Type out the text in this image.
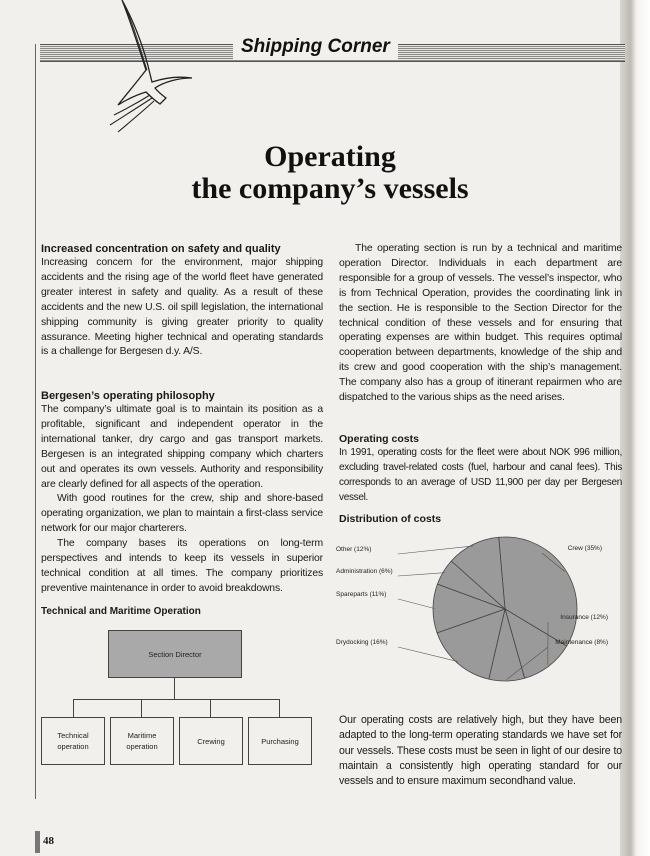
Shipping Corner
Operating
the company’s vessels
Increased concentration on safety and quality
Increasing concern for the environment, major shipping accidents and the rising age of the world fleet have generated greater interest in safety and quality. As a result of these accidents and the new U.S. oil spill legislation, the international shipping community is giving greater priority to quality assurance. Meeting higher technical and operating standards is a challenge for Bergesen d.y. A/S.
Bergesen’s operating philosophy

The company’s ultimate goal is to maintain its position as a profitable, significant and independent operator in the international tanker, dry cargo and gas transport markets. Bergesen is an integrated shipping company which charters out and operates its own vessels. Authority and responsibility are clearly defined for all aspects of the operation.

With good routines for the crew, ship and shore-based operating organization, we plan to maintain a first-class service network for our major charterers.

The company bases its operations on long-term perspectives and intends to keep its vessels in superior technical condition at all times. The company prioritizes preventive maintenance in order to avoid breakdowns.

Technical and Maritime Operation
Section Director
Technical operation
Maritime operation
Crewing	Purchasing
The operating section is run by a technical and maritime operation Director. Individuals in each department are responsible for a group of vessels. The vessel’s inspector, who is from Technical Operation, provides the coordinating link in the section. He is responsible to the Section Director for the technical condition of these vessels and for ensuring that operating expenses are within budget. This requires optimal cooperation between departments, knowledge of the ship and its crew and good cooperation with the ship’s management. The company also has a group of itinerant repairmen who are dispatched to the various ships as the need arises.
Operating costs
In 1991, operating costs for the fleet were about NOK 996 million, excluding travel-related costs (fuel, harbour and canal fees). This corresponds to an average of USD 11,900 per day per Bergesen vessel.
Distribution of costs
Crew (35%)
Insurance (12%)
Maintenance (8%)
Drydocking (16%)
Spareparts (11%)
Administration (6%)
Other (12%)
Our operating costs are relatively high, but they have been adapted to the long-term operating standards we have set for our vessels. These costs must be seen in light of our desire to maintain a consistently high operating standard for our vessels and to ensure maximum secondhand value.
48
